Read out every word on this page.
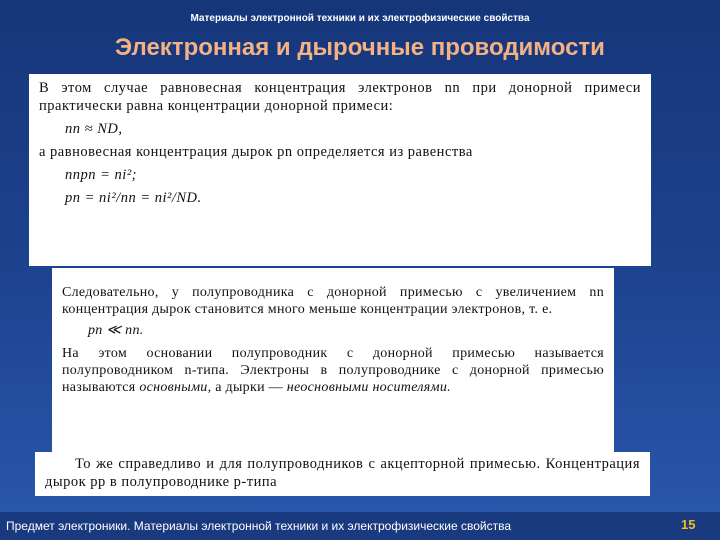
Материалы электронной техники и их электрофизические свойства
Электронная и дырочные проводимости

В этом случае равновесная концентрация электронов nn при донорной примеси практически равна концентрации донорной примеси:

nn ≈ ND,

а равновесная концентрация дырок pn определяется из равенства

nnpn = ni²;
pn = ni²/nn = ni²/ND.

Следовательно, у полупроводника с донорной примесью с увеличением nn концентрация дырок становится много меньше концентрации электронов, т. е.

pn ≪ nn.

На этом основании полупроводник с донорной примесью называется полупроводником n-типа. Электроны в полупроводнике с донорной примесью называются основными, а дырки — неосновными носителями.

То же справедливо и для полупроводников с акцепторной примесью. Концентрация дырок pp в полупроводнике p-типа

Предмет электроники. Материалы электронной техники и их электрофизические свойства	15
